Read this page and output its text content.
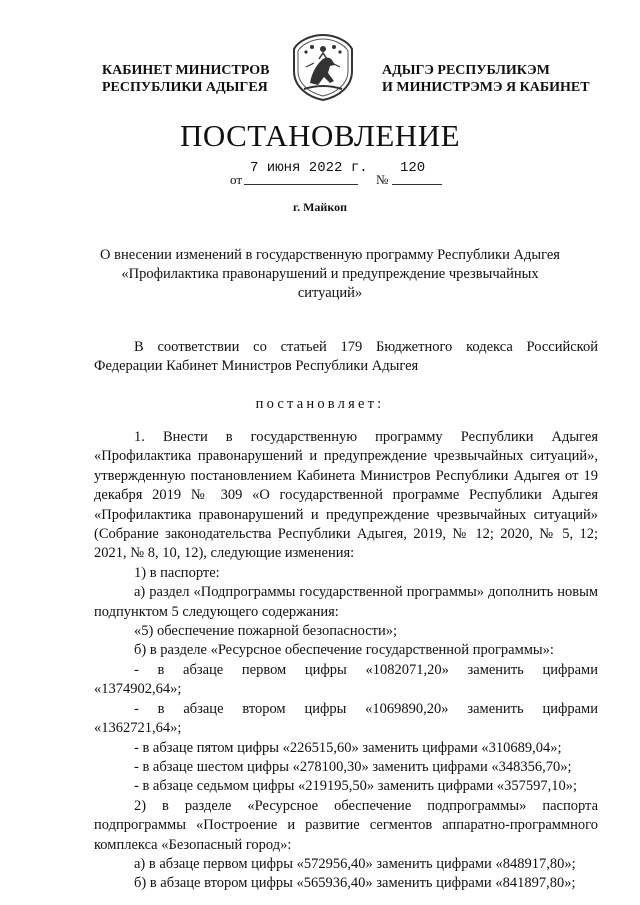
КАБИНЕТ МИНИСТРОВ
РЕСПУБЛИКИ АДЫГЕЯ
АДЫГЭ РЕСПУБЛИКЭМ
И МИНИСТРЭМЭ Я КАБИНЕТ
ПОСТАНОВЛЕНИЕ
от
7 июня 2022 г.
№
120
г. Майкоп
О внесении изменений в государственную программу Республики Адыгея «Профилактика правонарушений и предупреждение чрезвычайных ситуаций»
В соответствии со статьей 179 Бюджетного кодекса Российской Федерации Кабинет Министров Республики Адыгея
постановляет:
1. Внести в государственную программу Республики Адыгея «Профилактика правонарушений и предупреждение чрезвычайных ситуаций», утвержденную постановлением Кабинета Министров Республики Адыгея от 19 декабря 2019 № 309 «О государственной программе Республики Адыгея «Профилактика правонарушений и предупреждение чрезвычайных ситуаций» (Собрание законодательства Республики Адыгея, 2019, № 12; 2020, № 5, 12; 2021, № 8, 10, 12), следующие изменения:
1) в паспорте:
а) раздел «Подпрограммы государственной программы» дополнить новым подпунктом 5 следующего содержания:
«5) обеспечение пожарной безопасности»;
б) в разделе «Ресурсное обеспечение государственной программы»:
- в абзаце первом цифры «1082071,20» заменить цифрами
«1374902,64»;
- в абзаце втором цифры «1069890,20» заменить цифрами
«1362721,64»;
- в абзаце пятом цифры «226515,60» заменить цифрами «310689,04»;
- в абзаце шестом цифры «278100,30» заменить цифрами «348356,70»;
- в абзаце седьмом цифры «219195,50» заменить цифрами «357597,10»;
2) в разделе «Ресурсное обеспечение подпрограммы» паспорта подпрограммы «Построение и развитие сегментов аппаратно-программного комплекса «Безопасный город»:
а) в абзаце первом цифры «572956,40» заменить цифрами «848917,80»;
б) в абзаце втором цифры «565936,40» заменить цифрами «841897,80»;
